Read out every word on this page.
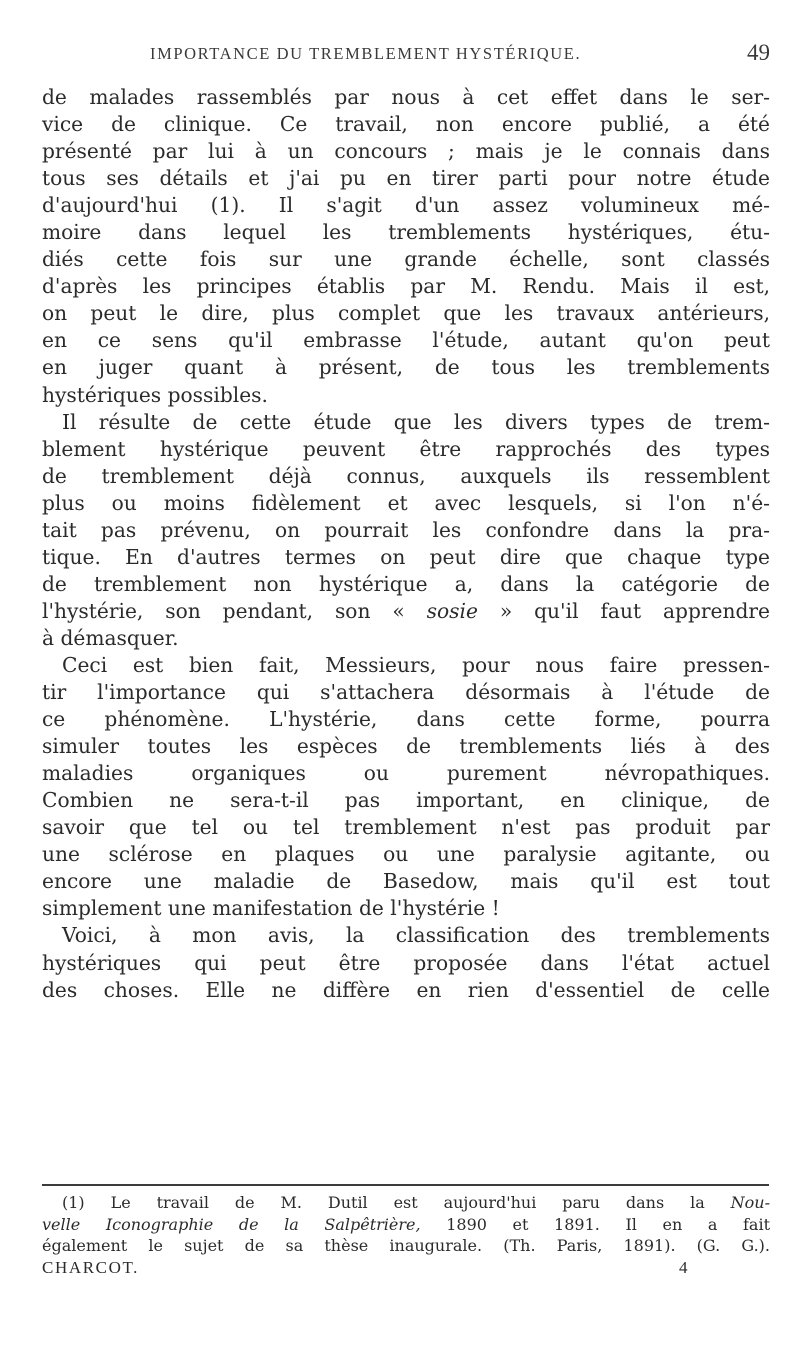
IMPORTANCE DU TREMBLEMENT HYSTÉRIQUE.	49
de malades rassemblés par nous à cet effet dans le ser-
vice de clinique. Ce travail, non encore publié, a été
présenté par lui à un concours ; mais je le connais dans
tous ses détails et j'ai pu en tirer parti pour notre étude
d'aujourd'hui (1). Il s'agit d'un assez volumineux mé-
moire dans lequel les tremblements hystériques, étu-
diés cette fois sur une grande échelle, sont classés
d'après les principes établis par M. Rendu. Mais il est,
on peut le dire, plus complet que les travaux antérieurs,
en ce sens qu'il embrasse l'étude, autant qu'on peut
en juger quant à présent, de tous les tremblements
hystériques possibles.
Il résulte de cette étude que les divers types de trem-
blement hystérique peuvent être rapprochés des types
de tremblement déjà connus, auxquels ils ressemblent
plus ou moins fidèlement et avec lesquels, si l'on n'é-
tait pas prévenu, on pourrait les confondre dans la pra-
tique. En d'autres termes on peut dire que chaque type
de tremblement non hystérique a, dans la catégorie de
l'hystérie, son pendant, son « sosie » qu'il faut apprendre
à démasquer.
Ceci est bien fait, Messieurs, pour nous faire pressen-
tir l'importance qui s'attachera désormais à l'étude de
ce phénomène. L'hystérie, dans cette forme, pourra
simuler toutes les espèces de tremblements liés à des
maladies organiques ou purement névropathiques.
Combien ne sera-t-il pas important, en clinique, de
savoir que tel ou tel tremblement n'est pas produit par
une sclérose en plaques ou une paralysie agitante, ou
encore une maladie de Basedow, mais qu'il est tout
simplement une manifestation de l'hystérie !
Voici, à mon avis, la classification des tremblements
hystériques qui peut être proposée dans l'état actuel
des choses. Elle ne diffère en rien d'essentiel de celle
(1) Le travail de M. Dutil est aujourd'hui paru dans la Nou-
velle Iconographie de la Salpêtrière, 1890 et 1891. Il en a fait
également le sujet de sa thèse inaugurale. (Th. Paris, 1891). (G. G.).
CHARCOT.	4
